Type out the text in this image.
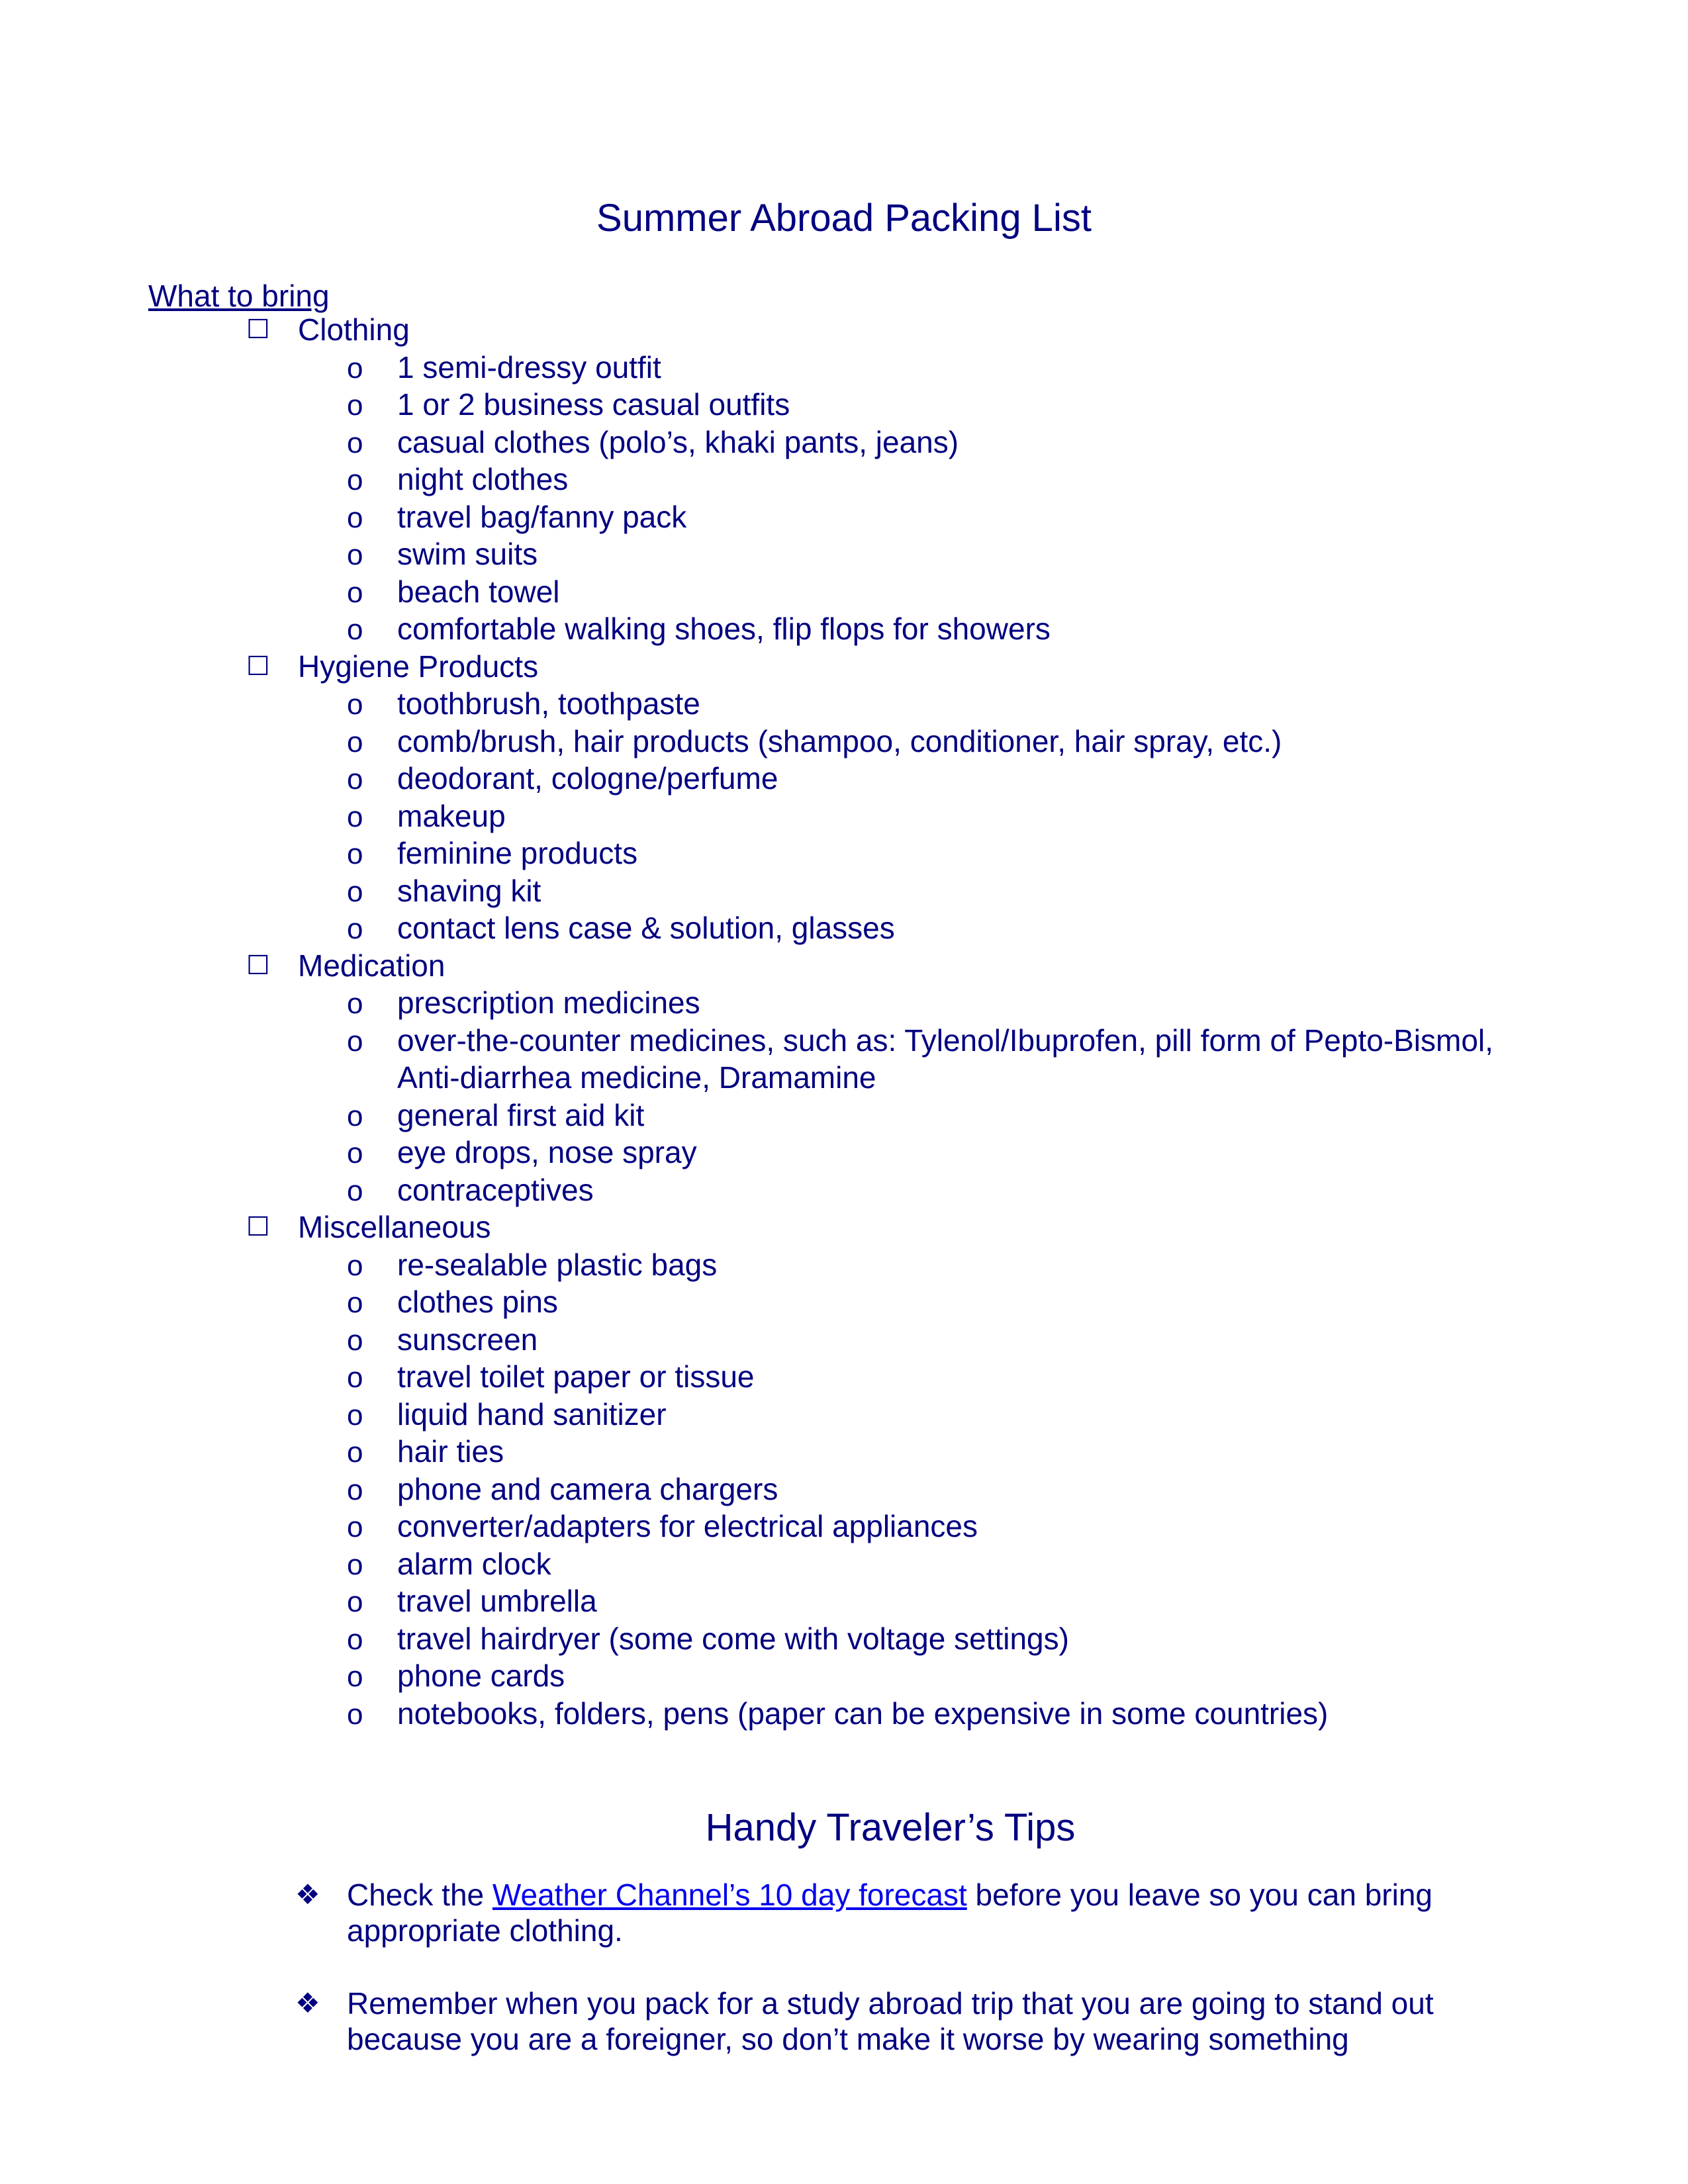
Summer Abroad Packing List
What to bring
☐ Clothing
o 1 semi-dressy outfit
o 1 or 2 business casual outfits
o casual clothes (polo’s, khaki pants, jeans)
o night clothes
o travel bag/fanny pack
o swim suits
o beach towel
o comfortable walking shoes, flip flops for showers
☐ Hygiene Products
o toothbrush, toothpaste
o comb/brush, hair products (shampoo, conditioner, hair spray, etc.)
o deodorant, cologne/perfume
o makeup
o feminine products
o shaving kit
o contact lens case & solution, glasses
☐ Medication
o prescription medicines
o over-the-counter medicines, such as: Tylenol/Ibuprofen, pill form of Pepto-Bismol, Anti-diarrhea medicine, Dramamine
o general first aid kit
o eye drops, nose spray
o contraceptives
☐ Miscellaneous
o re-sealable plastic bags
o clothes pins
o sunscreen
o travel toilet paper or tissue
o liquid hand sanitizer
o hair ties
o phone and camera chargers
o converter/adapters for electrical appliances
o alarm clock
o travel umbrella
o travel hairdryer (some come with voltage settings)
o phone cards
o notebooks, folders, pens (paper can be expensive in some countries)
Handy Traveler’s Tips
❖ Check the Weather Channel’s 10 day forecast before you leave so you can bring appropriate clothing.
❖ Remember when you pack for a study abroad trip that you are going to stand out because you are a foreigner, so don’t make it worse by wearing something
